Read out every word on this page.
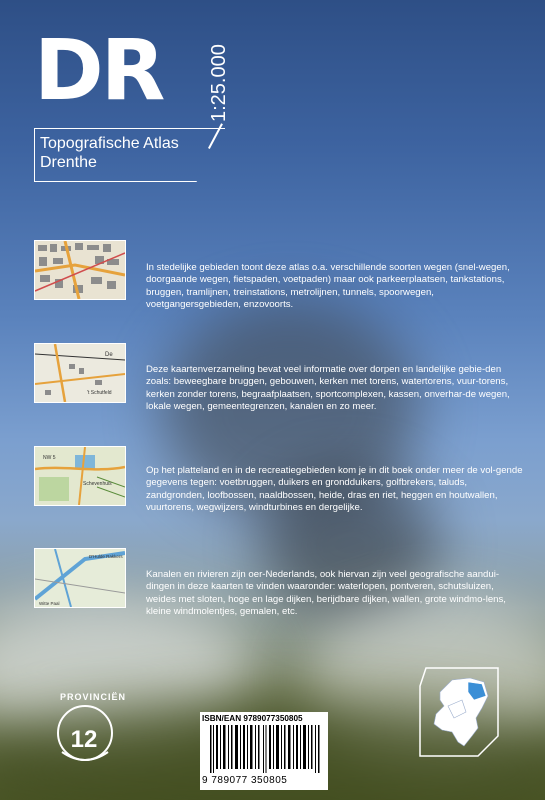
DR 1:25.000
Topografische Atlas
Drenthe
In stedelijke gebieden toont deze atlas o.a. verschillende soorten wegen (snel-wegen, doorgaande wegen, fietspaden, voetpaden) maar ook parkeerplaatsen, tankstations, bruggen, tramlijnen, treinstations, metrolijnen, tunnels, spoorwegen, voetgangersgebieden, enzovoorts.
De
't Schutfeld
Deze kaartenverzameling bevat veel informatie over dorpen en landelijke gebie-den zoals: beweegbare bruggen, gebouwen, kerken met torens, watertorens, vuur-torens, kerken zonder torens, begraafplaatsen, sportcomplexen, kassen, onverhar-de wegen, lokale wegen, gemeentegrenzen, kanalen en zo meer.
NW 5
Schevenhuis
Op het platteland en in de recreatiegebieden kom je in dit boek onder meer de vol-gende gegevens tegen: voetbruggen, duikers en grondduikers, golfbrekers, taluds, zandgronden, loofbossen, naaldbossen, heide, dras en riet, heggen en houtwallen, vuurtorens, wegwijzers, windturbines en dergelijke.
D'Hulde Rakkers
Witte Paal
Kanalen en rivieren zijn oer-Nederlands, ook hiervan zijn veel geografische aandui-dingen in deze kaarten te vinden waaronder: waterlopen, pontveren, schutsluizen, weides met sloten, hoge en lage dijken, berijdbare dijken, wallen, grote windmo-lens, kleine windmolentjes, gemalen, etc.
PROVINCIËN
12
ISBN/EAN 9789077350805
9 789077 350805
